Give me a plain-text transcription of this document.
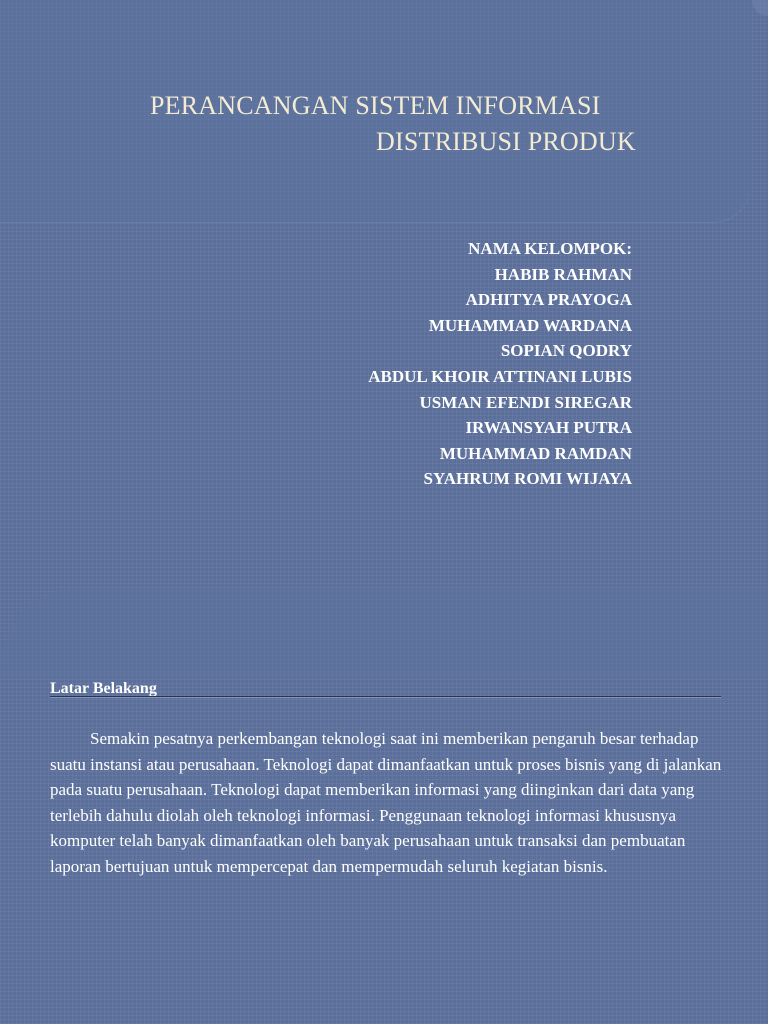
PERANCANGAN SISTEM INFORMASI
DISTRIBUSI PRODUK
NAMA KELOMPOK:
HABIB RAHMAN
ADHITYA PRAYOGA
MUHAMMAD WARDANA
SOPIAN QODRY
ABDUL KHOIR ATTINANI LUBIS
USMAN EFENDI SIREGAR
IRWANSYAH PUTRA
MUHAMMAD RAMDAN
SYAHRUM ROMI WIJAYA
Latar Belakang

Semakin pesatnya perkembangan teknologi saat ini memberikan pengaruh besar terhadap suatu instansi atau perusahaan. Teknologi dapat dimanfaatkan untuk proses bisnis yang di jalankan pada suatu perusahaan. Teknologi dapat memberikan informasi yang diinginkan dari data yang terlebih dahulu diolah oleh teknologi informasi. Penggunaan teknologi informasi khususnya komputer telah banyak dimanfaatkan oleh banyak perusahaan untuk transaksi dan pembuatan laporan bertujuan untuk mempercepat dan mempermudah seluruh kegiatan bisnis.
